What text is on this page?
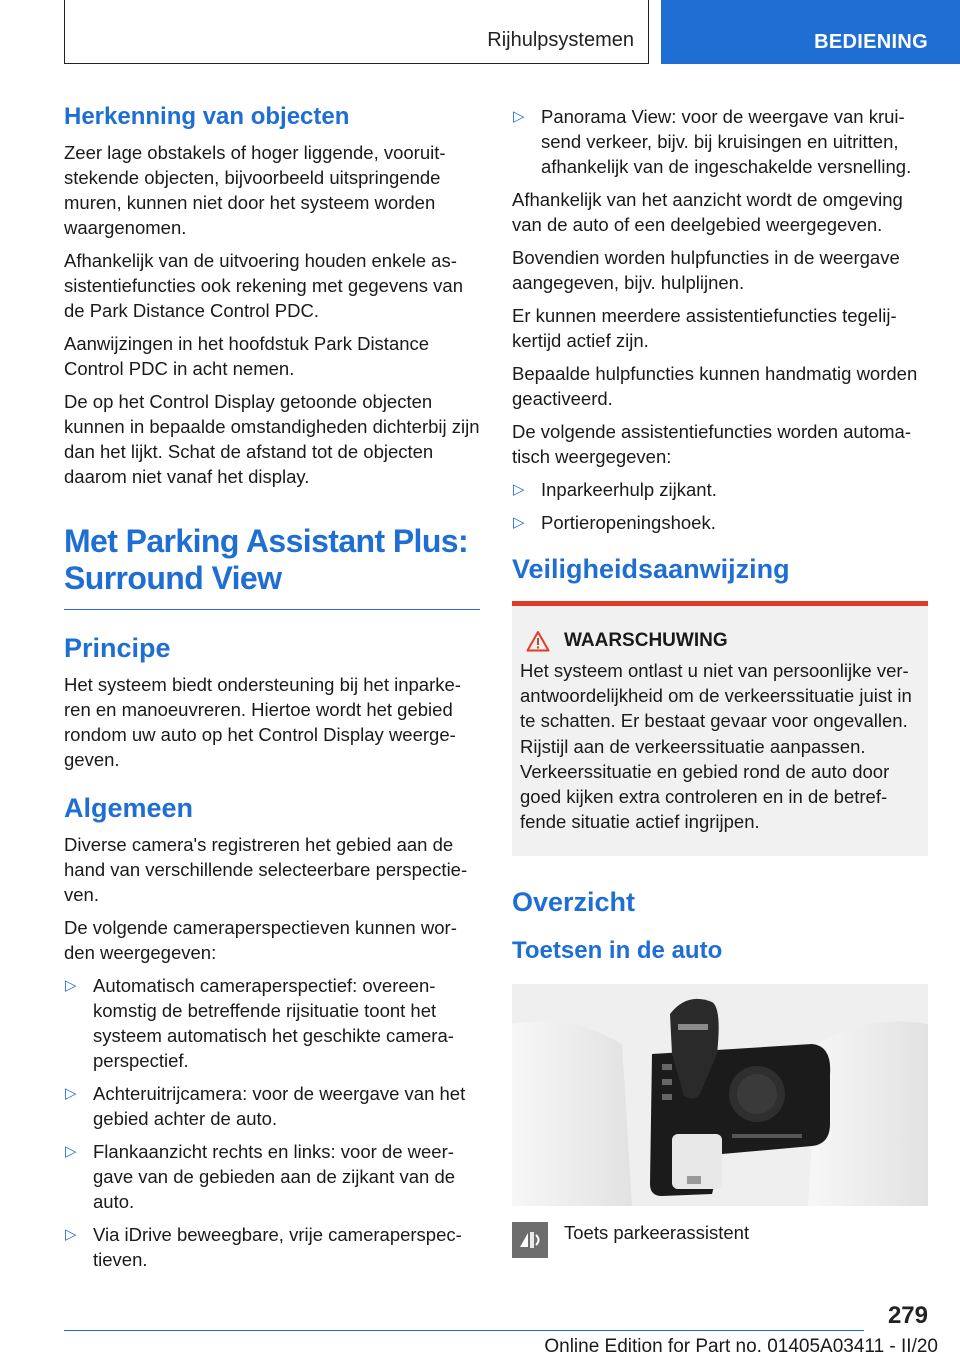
Rijhulpsystemen	BEDIENING
Herkenning van objecten

Zeer lage obstakels of hoger liggende, vooruitstekende objecten, bijvoorbeeld uitspringende muren, kunnen niet door het systeem worden waargenomen.

Afhankelijk van de uitvoering houden enkele assistentiefuncties ook rekening met gegevens van de Park Distance Control PDC.

Aanwijzingen in het hoofdstuk Park Distance Control PDC in acht nemen.

De op het Control Display getoonde objecten kunnen in bepaalde omstandigheden dichterbij zijn dan het lijkt. Schat de afstand tot de objecten daarom niet vanaf het display.

Met Parking Assistant Plus: Surround View
Principe

Het systeem biedt ondersteuning bij het inparkeren en manoeuvreren. Hiertoe wordt het gebied rondom uw auto op het Control Display weergegeven.

Algemeen

Diverse camera's registreren het gebied aan de hand van verschillende selecteerbare perspectieven.

De volgende cameraperspectieven kunnen worden weergegeven:

▷ Automatisch cameraperspectief: overeenkomstig de betreffende rijsituatie toont het systeem automatisch het geschikte cameraperspectief.
▷ Achteruitrijcamera: voor de weergave van het gebied achter de auto.
▷ Flankaanzicht rechts en links: voor de weergave van de gebieden aan de zijkant van de auto.
▷ Via iDrive beweegbare, vrije cameraperspectieven.
▷ Panorama View: voor de weergave van kruisend verkeer, bijv. bij kruisingen en uitritten, afhankelijk van de ingeschakelde versnelling.

Afhankelijk van het aanzicht wordt de omgeving van de auto of een deelgebied weergegeven.

Bovendien worden hulpfuncties in de weergave aangegeven, bijv. hulplijnen.

Er kunnen meerdere assistentiefuncties tegelijkertijd actief zijn.

Bepaalde hulpfuncties kunnen handmatig worden geactiveerd.

De volgende assistentiefuncties worden automatisch weergegeven:

▷ Inparkeerhulp zijkant.
▷ Portieropeningshoek.
Veiligheidsaanwijzing
WAARSCHUWING

Het systeem ontlast u niet van persoonlijke verantwoordelijkheid om de verkeerssituatie juist in te schatten. Er bestaat gevaar voor ongevallen. Rijstijl aan de verkeerssituatie aanpassen. Verkeerssituatie en gebied rond de auto door goed kijken extra controleren en in de betreffende situatie actief ingrijpen.

Overzicht
Toetsen in de auto
Toets parkeerassistent
279
Online Edition for Part no. 01405A03411 - II/20
